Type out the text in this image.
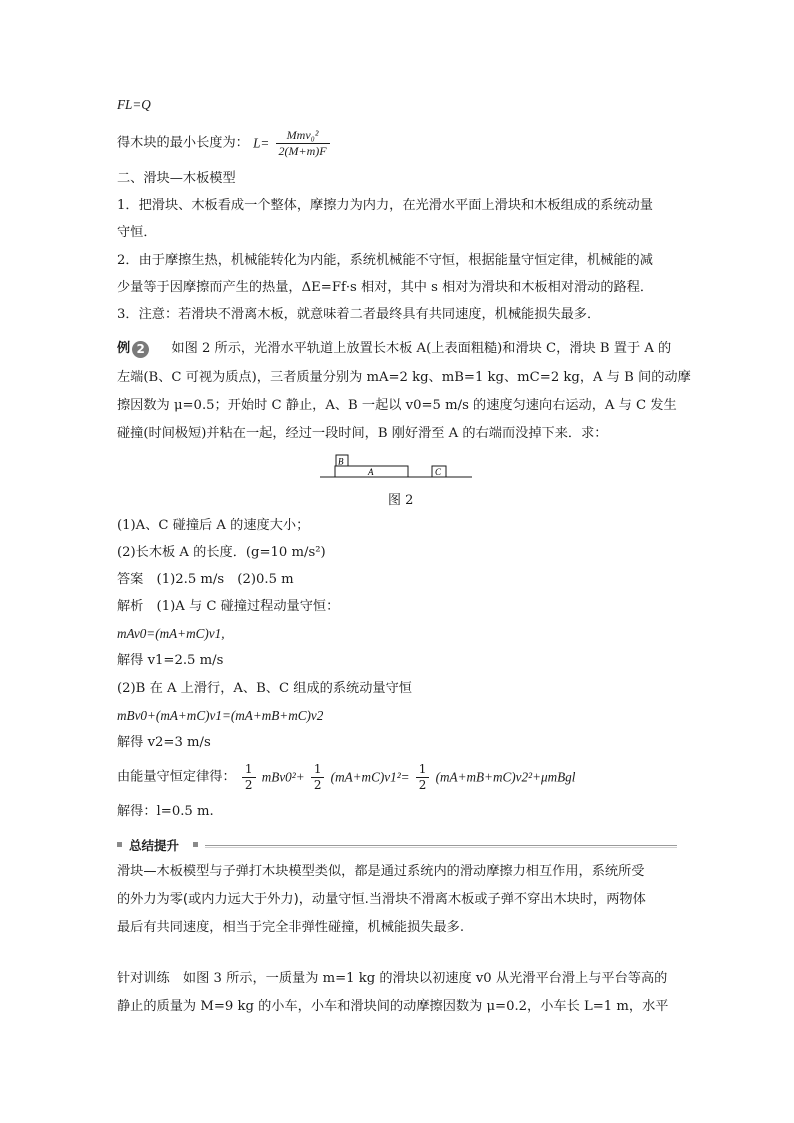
FL=Q
得木块的最小长度为： $L= \frac{\text{Mmv₀²}}{2(M+m)F}$
二、滑块—木板模型
1．把滑块、木板看成一个整体，摩擦力为内力，在光滑水平面上滑块和木板组成的系统动量
守恒．
2．由于摩擦生热，机械能转化为内能，系统机械能不守恒，根据能量守恒定律，机械能的减
少量等于因摩擦而产生的热量，ΔE=Ff·s 相对，其中 s 相对为滑块和木板相对滑动的路程．
3．注意：若滑块不滑离木板，就意味着二者最终具有共同速度，机械能损失最多．
例 2	如图 2 所示，光滑水平轨道上放置长木板 A(上表面粗糙)和滑块 C，滑块 B 置于 A 的
左端(B、C 可视为质点)，三者质量分别为 mA=2 kg、mB=1 kg、mC=2 kg，A 与 B 间的动摩
擦因数为 μ=0.5；开始时 C 静止，A、B 一起以 v0=5 m/s 的速度匀速向右运动，A 与 C 发生
碰撞(时间极短)并粘在一起，经过一段时间，B 刚好滑至 A 的右端而没掉下来．求：
B
A	C
图 2
(1)A、C 碰撞后 A 的速度大小；
(2)长木板 A 的长度．(g=10 m/s²)
答案　(1)2.5 m/s　(2)0.5 m
解析　(1)A 与 C 碰撞过程动量守恒：
mAv0=(mA+mC)v1,
解得 v1=2.5 m/s
(2)B 在 A 上滑行，A、B、C 组成的系统动量守恒
mBv0+(mA+mC)v1=(mA+mB+mC)v2
解得 v2=3 m/s
由能量守恒定律得： $\frac{1}{2} mBv0^2+ \frac{1}{2} (mA+mC)v1^2= \frac{1}{2}$ (mA+mB+mC)v2²+μmBgl
解得：l=0.5 m.
总结提升
滑块—木板模型与子弹打木块模型类似，都是通过系统内的滑动摩擦力相互作用，系统所受
的外力为零(或内力远大于外力)，动量守恒.当滑块不滑离木板或子弹不穿出木块时，两物体
最后有共同速度，相当于完全非弹性碰撞，机械能损失最多.
针对训练　如图 3 所示，一质量为 m=1 kg 的滑块以初速度 v0 从光滑平台滑上与平台等高的
静止的质量为 M=9 kg 的小车，小车和滑块间的动摩擦因数为 μ=0.2，小车长 L=1 m，水平
